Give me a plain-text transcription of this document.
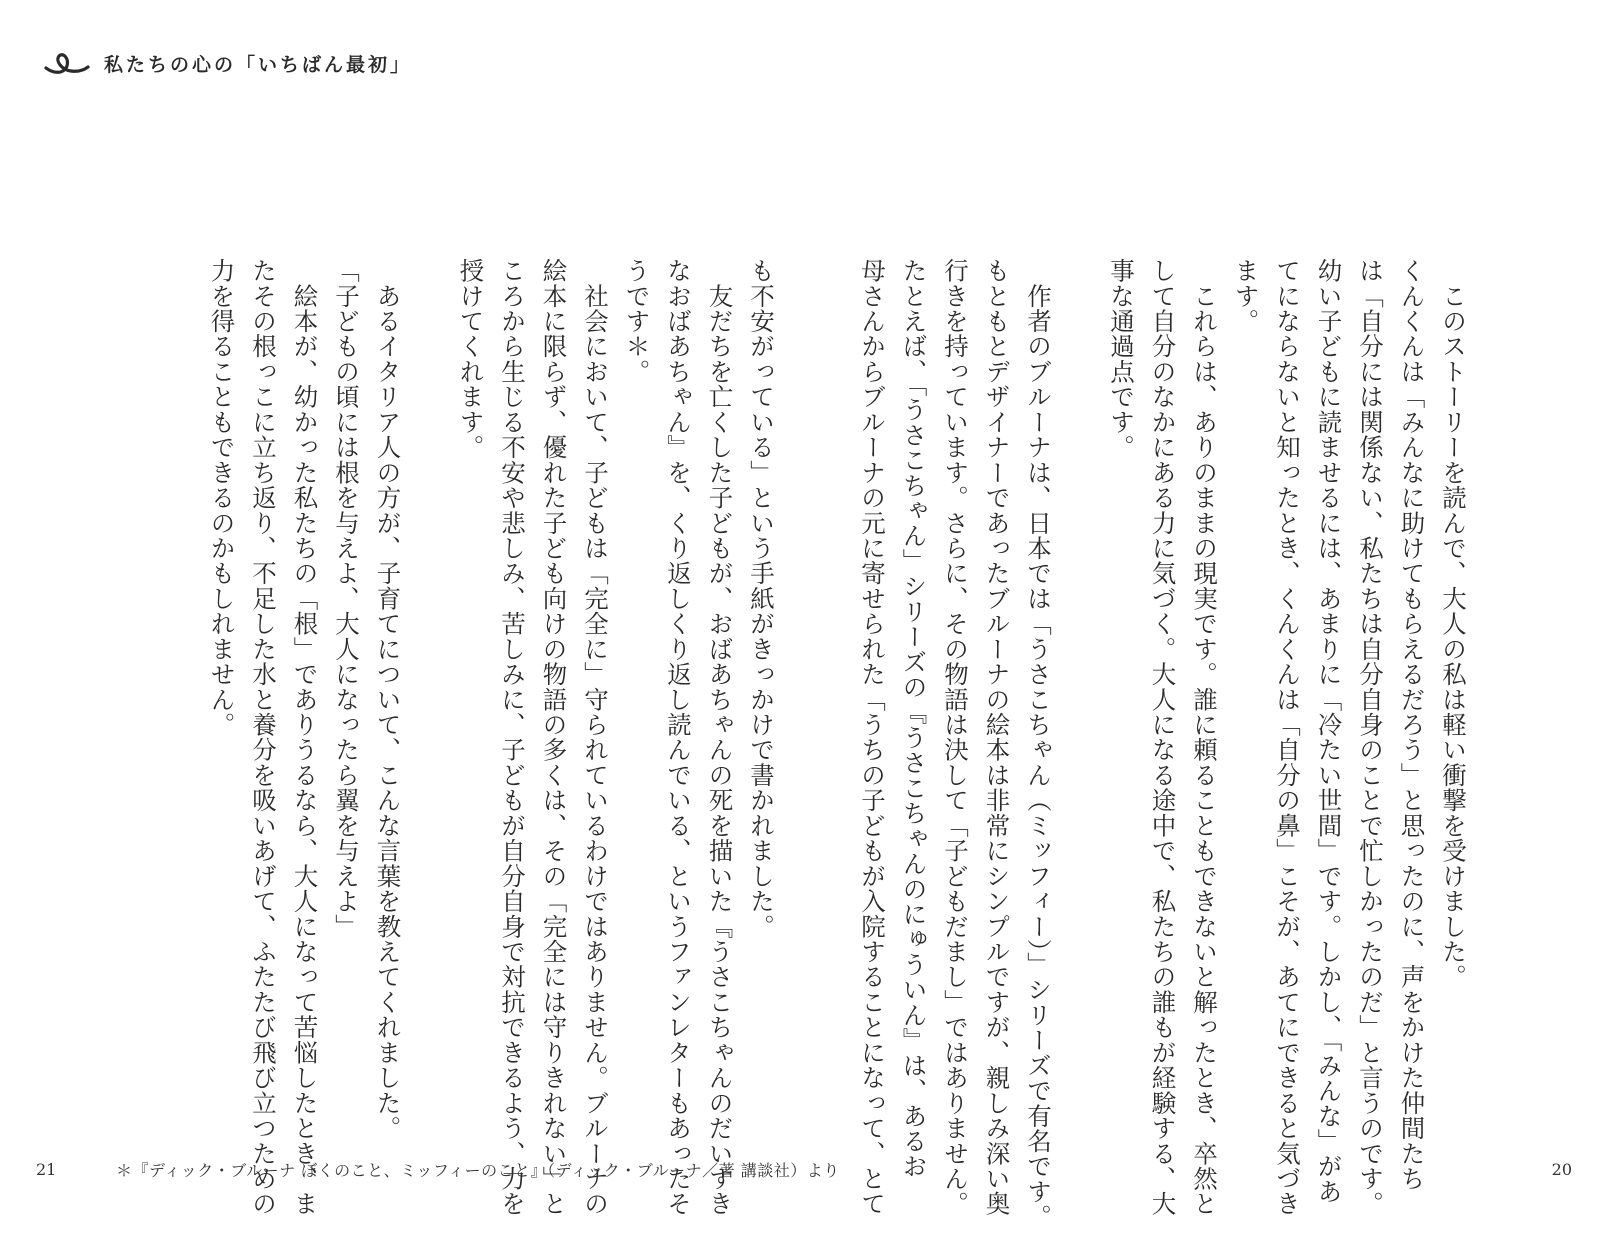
私たちの心の「いちばん最初」

　このストーリーを読んで、大人の私は軽い衝撃を受けました。

くんくんは「みんなに助けてもらえるだろう」と思ったのに、声をかけた仲間たち

は「自分には関係ない、私たちは自分自身のことで忙しかったのだ」と言うのです。

幼い子どもに読ませるには、あまりに「冷たい世間」です。しかし、「みんな」があ

てにならないと知ったとき、くんくんは「自分の鼻」こそが、あてにできると気づき

ます。

　これらは、ありのままの現実です。誰に頼ることもできないと解ったとき、卒然と

して自分のなかにある力に気づく。大人になる途中で、私たちの誰もが経験する、大

事な通過点です。

　作者のブルーナは、日本では「うさこちゃん（ミッフィー）」シリーズで有名です。

もともとデザイナーであったブルーナの絵本は非常にシンプルですが、親しみ深い奥

行きを持っています。さらに、その物語は決して「子どもだまし」ではありません。

たとえば、「うさこちゃん」シリーズの『うさこちゃんのにゅういん』は、あるお

母さんからブルーナの元に寄せられた「うちの子どもが入院することになって、とて

も不安がっている」という手紙がきっかけで書かれました。

　友だちを亡くした子どもが、おばあちゃんの死を描いた『うさこちゃんのだいすき

なおばあちゃん』を、くり返しくり返し読んでいる、というファンレターもあったそ

うです＊。

　社会において、子どもは「完全に」守られているわけではありません。ブルーナの

絵本に限らず、優れた子ども向けの物語の多くは、その「完全には守りきれない」と

ころから生じる不安や悲しみ、苦しみに、子どもが自分自身で対抗できるよう、力を

授けてくれます。

　あるイタリア人の方が、子育てについて、こんな言葉を教えてくれました。

「子どもの頃には根を与えよ、大人になったら翼を与えよ」

　絵本が、幼かった私たちの「根」でありうるなら、大人になって苦悩したとき、ま

たその根っこに立ち返り、不足した水と養分を吸いあげて、ふたたび飛び立つための

力を得ることもできるのかもしれません。

21	＊『ディック・ブルーナ ぼくのこと、ミッフィーのこと』（ディック・ブルーナ／著 講談社）より	20
